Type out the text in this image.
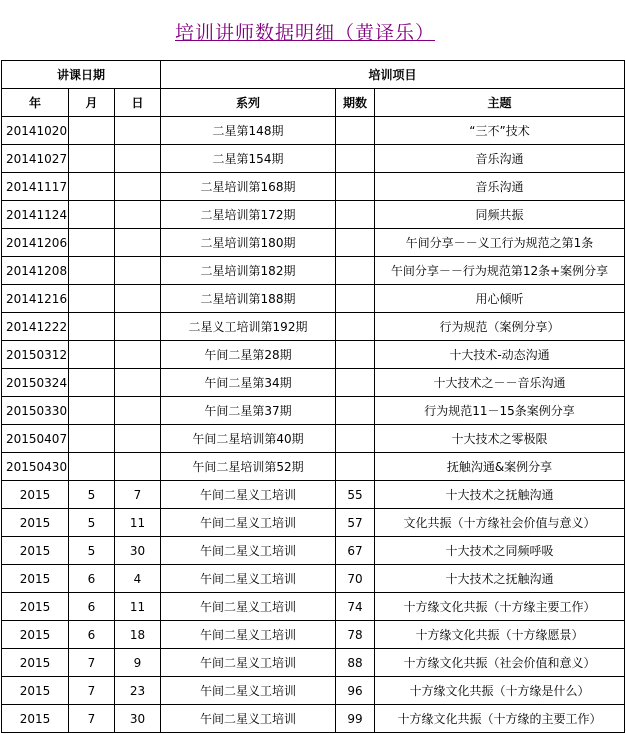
培训讲师数据明细（黄译乐）
讲课日期			培训项目		
年	月	日	系列	期数	主题
20141020			二星第148期		“三不”技术
20141027			二星第154期		音乐沟通
20141117			二星培训第168期		音乐沟通
20141124			二星培训第172期		同频共振
20141206			二星培训第180期		午间分享－－义工行为规范之第1条
20141208			二星培训第182期		午间分享－－行为规范第12条+案例分享
20141216			二星培训第188期		用心倾听
20141222			二星义工培训第192期		行为规范（案例分享）
20150312			午间二星第28期		十大技术-动态沟通
20150324			午间二星第34期		十大技术之－－音乐沟通
20150330			午间二星第37期		行为规范11－15条案例分享
20150407			午间二星培训第40期		十大技术之零极限
20150430			午间二星培训第52期		抚触沟通&案例分享
2015	5	7	午间二星义工培训	55	十大技术之抚触沟通
2015	5	11	午间二星义工培训	57	文化共振（十方缘社会价值与意义）
2015	5	30	午间二星义工培训	67	十大技术之同频呼吸
2015	6	4	午间二星义工培训	70	十大技术之抚触沟通
2015	6	11	午间二星义工培训	74	十方缘文化共振（十方缘主要工作）
2015	6	18	午间二星义工培训	78	十方缘文化共振（十方缘愿景）
2015	7	9	午间二星义工培训	88	十方缘文化共振（社会价值和意义）
2015	7	23	午间二星义工培训	96	十方缘文化共振（十方缘是什么）
2015	7	30	午间二星义工培训	99	十方缘文化共振（十方缘的主要工作）
